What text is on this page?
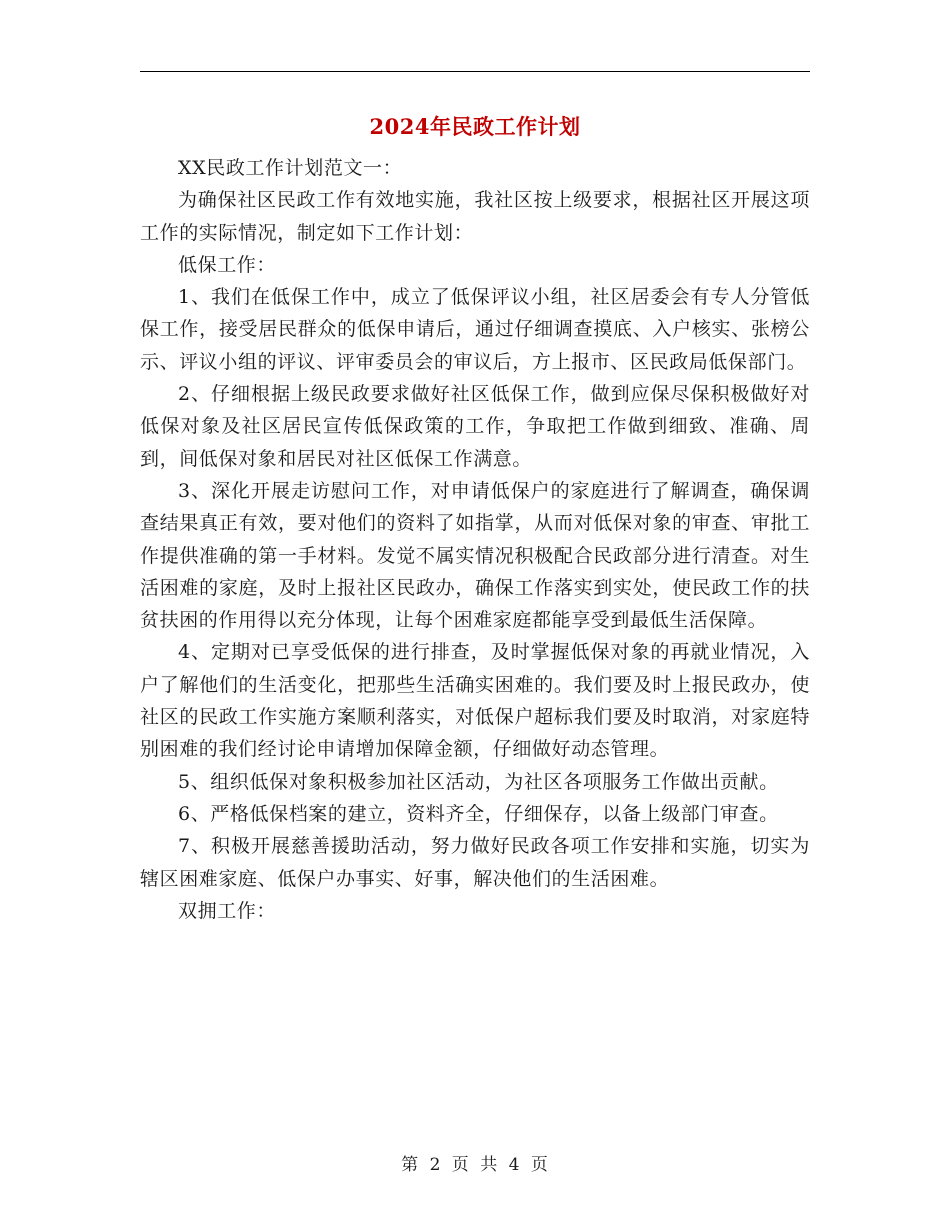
2024年民政工作计划

XX民政工作计划范文一：

为确保社区民政工作有效地实施，我社区按上级要求，根据社区开展这项工作的实际情况，制定如下工作计划：

低保工作：

1、我们在低保工作中，成立了低保评议小组，社区居委会有专人分管低保工作，接受居民群众的低保申请后，通过仔细调查摸底、入户核实、张榜公示、评议小组的评议、评审委员会的审议后，方上报市、区民政局低保部门。

2、仔细根据上级民政要求做好社区低保工作，做到应保尽保积极做好对低保对象及社区居民宣传低保政策的工作，争取把工作做到细致、准确、周到，间低保对象和居民对社区低保工作满意。

3、深化开展走访慰问工作，对申请低保户的家庭进行了解调查，确保调查结果真正有效，要对他们的资料了如指掌，从而对低保对象的审查、审批工作提供准确的第一手材料。发觉不属实情况积极配合民政部分进行清查。对生活困难的家庭，及时上报社区民政办，确保工作落实到实处，使民政工作的扶贫扶困的作用得以充分体现，让每个困难家庭都能享受到最低生活保障。

4、定期对已享受低保的进行排查，及时掌握低保对象的再就业情况，入户了解他们的生活变化，把那些生活确实困难的。我们要及时上报民政办，使社区的民政工作实施方案顺利落实，对低保户超标我们要及时取消，对家庭特别困难的我们经讨论申请增加保障金额，仔细做好动态管理。

5、组织低保对象积极参加社区活动，为社区各项服务工作做出贡献。

6、严格低保档案的建立，资料齐全，仔细保存，以备上级部门审查。

7、积极开展慈善援助活动，努力做好民政各项工作安排和实施，切实为辖区困难家庭、低保户办事实、好事，解决他们的生活困难。

双拥工作：

第 2 页 共 4 页
